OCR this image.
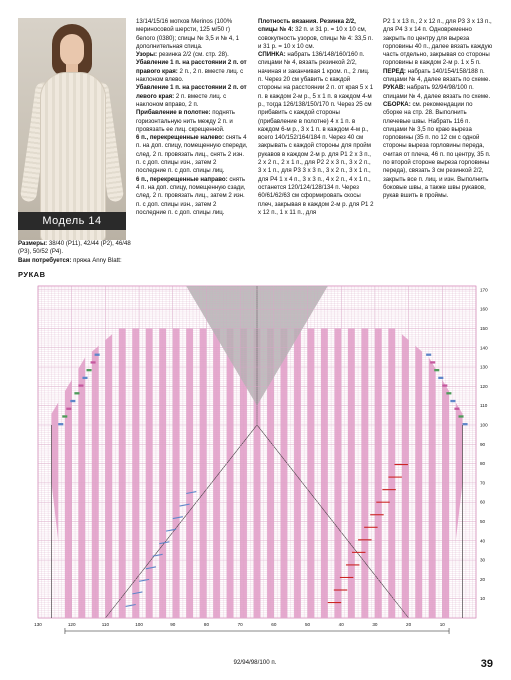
Модель 14

Размеры: 38/40 (Р11), 42/44 (Р2), 46/48 (Р3), 50/52 (Р4).

Вам потребуется: пряжа Anny Blatt:

13/14/15/16 мотков Merinos (100% мериносовой шерсти, 125 м/50 г) белого (0380); спицы № 3,5 и № 4, 1 дополнительная спица.

Узоры: резинка 2/2 (см. стр. 28).

Убавление 1 п. на расстоянии 2 п. от правого края: 2 п., 2 п. вместе лиц. с наклоном влево.

Убавление 1 п. на расстоянии 2 п. от левого края: 2 п. вместе лиц. с наклоном вправо, 2 п.

Прибавление в полотне: поднять горизонтальную нить между 2 п. и провязать ее лиц. скрещенной.

6 п., перекрещенные налево: снять 4 п. на доп. спицу, помещенную спереди, след. 2 п. провязать лиц., снять 2 изн. п. с доп. спицы изн., затем 2 последние п. с доп. спицы лиц.

6 п., перекрещенные направо: снять 4 п. на доп. спицу, помещенную сзади, след. 2 п. провязать лиц., затем 2 изн. п. с доп. спицы изн., затем 2 последние п. с доп. спицы лиц.

Плотность вязания. Резинка 2/2, спицы № 4: 32 п. и 31 р. = 10 x 10 см, совокупность узоров, спицы № 4: 33,5 п. и 31 р. = 10 x 10 см.

СПИНКА: набрать 136/148/160/160 п. спицами № 4, вязать резинкой 2/2, начиная и заканчивая 1 кром. п., 2 лиц. п. Через 20 см убавить с каждой стороны на расстоянии 2 п. от края 5 x 1 п. в каждом 2-м р., 5 x 1 п. в каждом 4-м р., тогда 126/138/150/170 п. Через 25 см прибавить с каждой стороны (прибавление в полотне) 4 x 1 п. в каждом 6-м р., 3 x 1 п. в каждом 4-м р., всего 140/152/164/184 п. Через 40 см закрывать с каждой стороны для пройм рукавов в каждом 2-м р. для Р1 2 x 3 п., 2 x 2 п., 2 x 1 п., для Р2 2 x 3 п., 3 x 2 п., 3 x 1 п., для Р3 3 x 3 п., 3 x 2 п., 3 x 1 п., для Р4 1 x 4 п., 3 x 3 п., 4 x 2 п., 4 x 1 п., останется 120/124/128/134 п. Через 60/61/62/63 см сформировать скосы плеч, закрывая в каждом 2-м р. для Р1 2 x 12 п., 1 x 11 п., для

Р2 1 x 13 п., 2 x 12 п., для Р3 3 x 13 п., для Р4 3 x 14 п. Одновременно закрыть по центру для выреза горловины 40 п., далее вязать каждую часть отдельно, закрывая со стороны горловины в каждом 2-м р. 1 x 5 п.

ПЕРЕД: набрать 140/154/158/188 п. спицами № 4, далее вязать по схеме.

РУКАВ: набрать 92/94/98/100 п. спицами № 4, далее вязать по схеме.

СБОРКА: см. рекомендации по сборке на стр. 28. Выполнить плечевые швы. Набрать 116 п. спицами № 3,5 по краю выреза горловины (35 п. по 12 см с одной стороны выреза горловины переда, считая от плеча, 46 п. по центру, 35 п. по второй стороне выреза горловины переда), связать 3 см резинкой 2/2, закрыть все п. лиц. и изн. Выполнить боковые швы, а также швы рукавов, рукав вшить в проймы.

РУКАВ
130	120	110	100	90	80	70	60	50	40	30	20	10
10
20
30
40
50
60
70
80
90
100
110
120
130
140
150
160
170
92/94/98/100 п.	39
